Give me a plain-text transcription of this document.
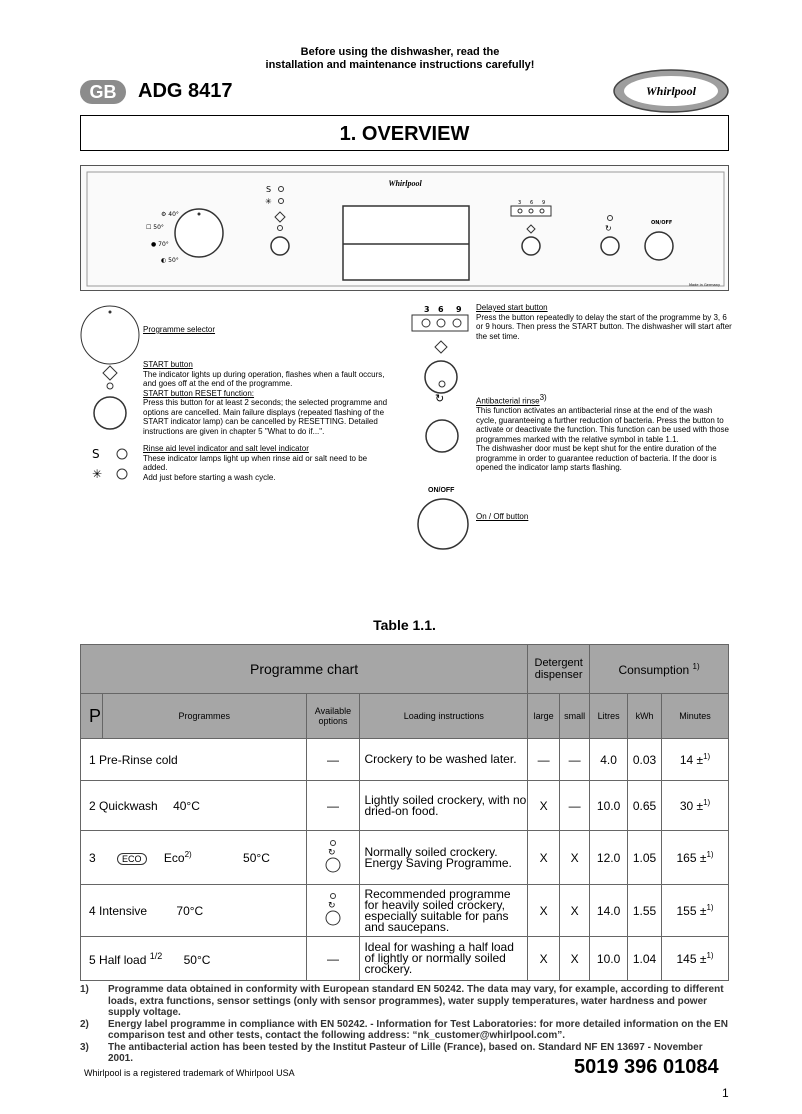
Before using the dishwasher, read the
installation and maintenance instructions carefully!
GB	ADG 8417	Whirlpool
1. OVERVIEW
⚙ 40°
☐ 50°
● 70°
◐ 50°
S
✳
Whirlpool
3 6 9
↻
ON/OFF
Made in Germany
Programme selector
START button
The indicator lights up during operation, flashes when a fault occurs, and goes off at the end of the programme.
START button RESET function:
Press this button for at least 2 seconds; the selected programme and options are cancelled. Main failure displays (repeated flashing of the START indicator lamp) can be cancelled by RESETTING. Detailed instructions are given in chapter 5 "What to do if...".
S
✳
Rinse aid level indicator and salt level indicator
These indicator lamps light up when rinse aid or salt need to be added.
Add just before starting a wash cycle.
3 6 9 Delayed start button
Press the button repeatedly to delay the start of the programme by 3, 6 or 9 hours. Then press the START button. The dishwasher will start after the set time.
↻	Antibacterial rinse$^{3)}$
This function activates an antibacterial rinse at the end of the wash cycle, guaranteeing a further reduction of bacteria. Press the button to activate or deactivate the function. This function can be used with those programmes marked with the relative symbol in table 1.1.
The dishwasher door must be kept shut for the entire duration of the programme in order to guarantee reduction of bacteria. If the door is opened the indicator lamp starts flashing.
ON/OFF
On / Off button
Table 1.1.
Programme chart				Detergent dispenser		Consumption $^{1)}$
P	Programmes	Available options	Loading instructions	large	small	Litres	kWh	Minutes
1 Pre-Rinse cold		—	Crockery to be washed later.	—	—	4.0	0.03	14 ±$^{1)}$
2 Quickwash 40°C		—	Lightly soiled crockery, with no dried-on food.	X	—	10.0	0.65	30 ±$^{1)}$
3 ECO Eco$^{2)}$ 50°C		↻	Normally soiled crockery. Energy Saving Programme.	X	X	12.0	1.05	165 ±$^{1)}$
4 Intensive 70°C		↻	Recommended programme for heavily soiled crockery, especially suitable for pans and saucepans.	X	X	14.0	1.55	155 ±$^{1)}$
5 Half load $^{1/2}$ 50°C		—	Ideal for washing a half load of lightly or normally soiled crockery.	X	X	10.0	1.04	145 ±$^{1)}$
1) Programme data obtained in conformity with European standard EN 50242. The data may vary, for example, according to different loads, extra functions, sensor settings (only with sensor programmes), water supply temperatures, water hardness and power supply voltage.
2) Energy label programme in compliance with EN 50242. - Information for Test Laboratories: for more detailed information on the EN comparison test and other tests, contact the following address: “nk_customer@whirlpool.com”.
3) The antibacterial action has been tested by the Institut Pasteur of Lille (France), based on. Standard NF EN 13697 - November 2001.
Whirlpool is a registered trademark of Whirlpool USA	5019 396 01084
1
